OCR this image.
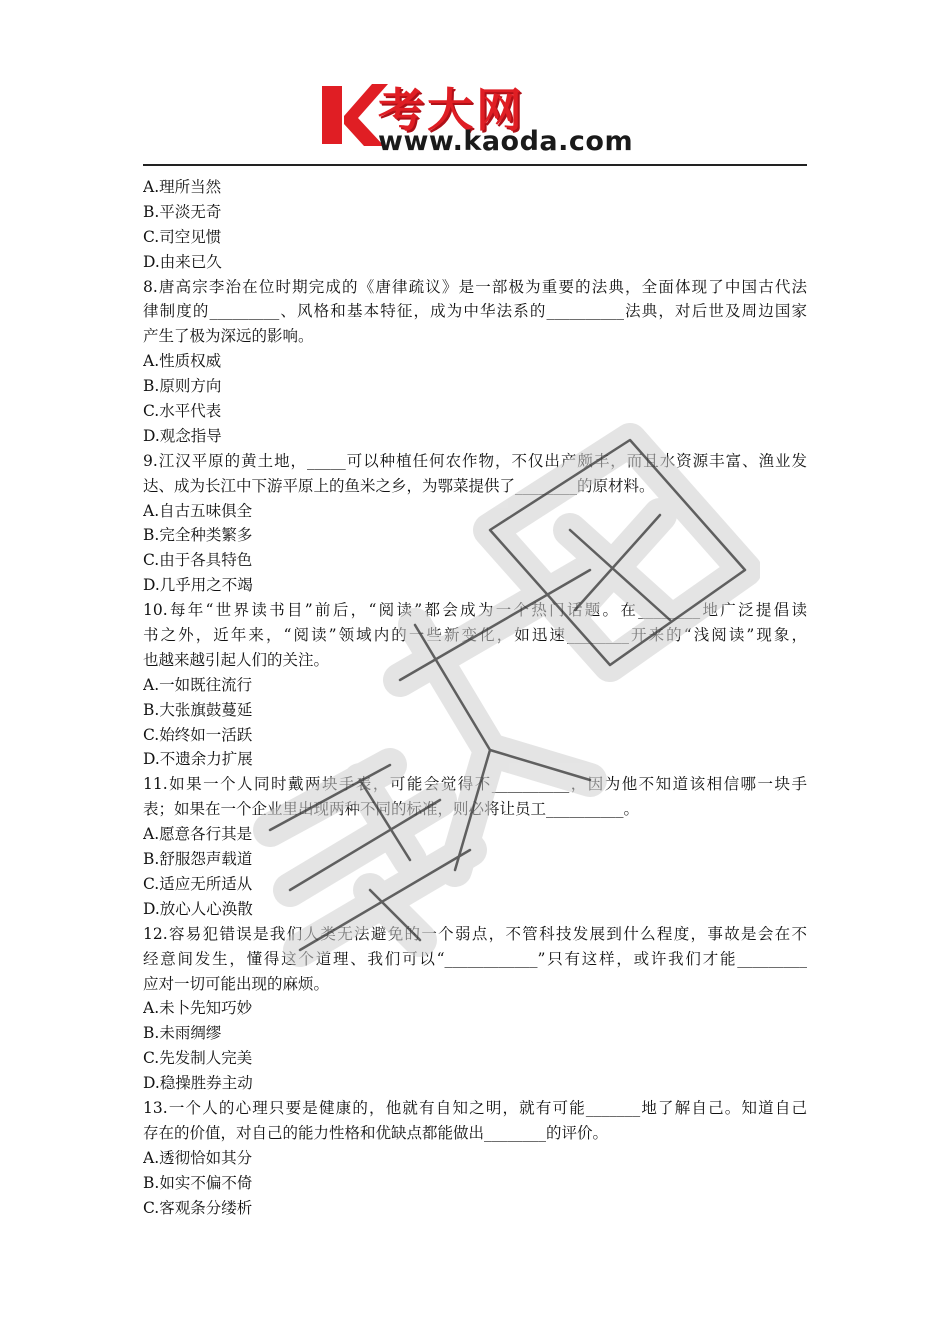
考大网
www.kaoda.com
A.理所当然
B.平淡无奇
C.司空见惯
D.由来已久
8.唐高宗李治在位时期完成的《唐律疏议》是一部极为重要的法典，全面体现了中国古代法
律制度的_________、风格和基本特征，成为中华法系的__________法典，对后世及周边国家
产生了极为深远的影响。
A.性质权威
B.原则方向
C.水平代表
D.观念指导
9.江汉平原的黄土地，_____可以种植任何农作物，不仅出产颇丰，而且水资源丰富、渔业发
达、成为长江中下游平原上的鱼米之乡，为鄂菜提供了________的原材料。
A.自古五味俱全
B.完全种类繁多
C.由于各具特色
D.几乎用之不竭
10.每年“世界读书目”前后，“阅读”都会成为一个热门话题。在________地广泛提倡读
书之外，近年来，“阅读”领域内的一些新变化，如迅速________开来的“浅阅读”现象，
也越来越引起人们的关注。
A.一如既往流行
B.大张旗鼓蔓延
C.始终如一活跃
D.不遗余力扩展
11.如果一个人同时戴两块手表，可能会觉得不__________，因为他不知道该相信哪一块手
表；如果在一个企业里出现两种不同的标准，则必将让员工__________。
A.愿意各行其是
B.舒服怨声载道
C.适应无所适从
D.放心人心涣散
12.容易犯错误是我们人类无法避免的一个弱点，不管科技发展到什么程度，事故是会在不
经意间发生，懂得这个道理、我们可以“____________”只有这样，或许我们才能_________
应对一切可能出现的麻烦。
A.未卜先知巧妙
B.未雨绸缪
C.先发制人完美
D.稳操胜券主动
13.一个人的心理只要是健康的，他就有自知之明，就有可能_______地了解自己。知道自己
存在的价值，对自己的能力性格和优缺点都能做出________的评价。
A.透彻恰如其分
B.如实不偏不倚
C.客观条分缕析
